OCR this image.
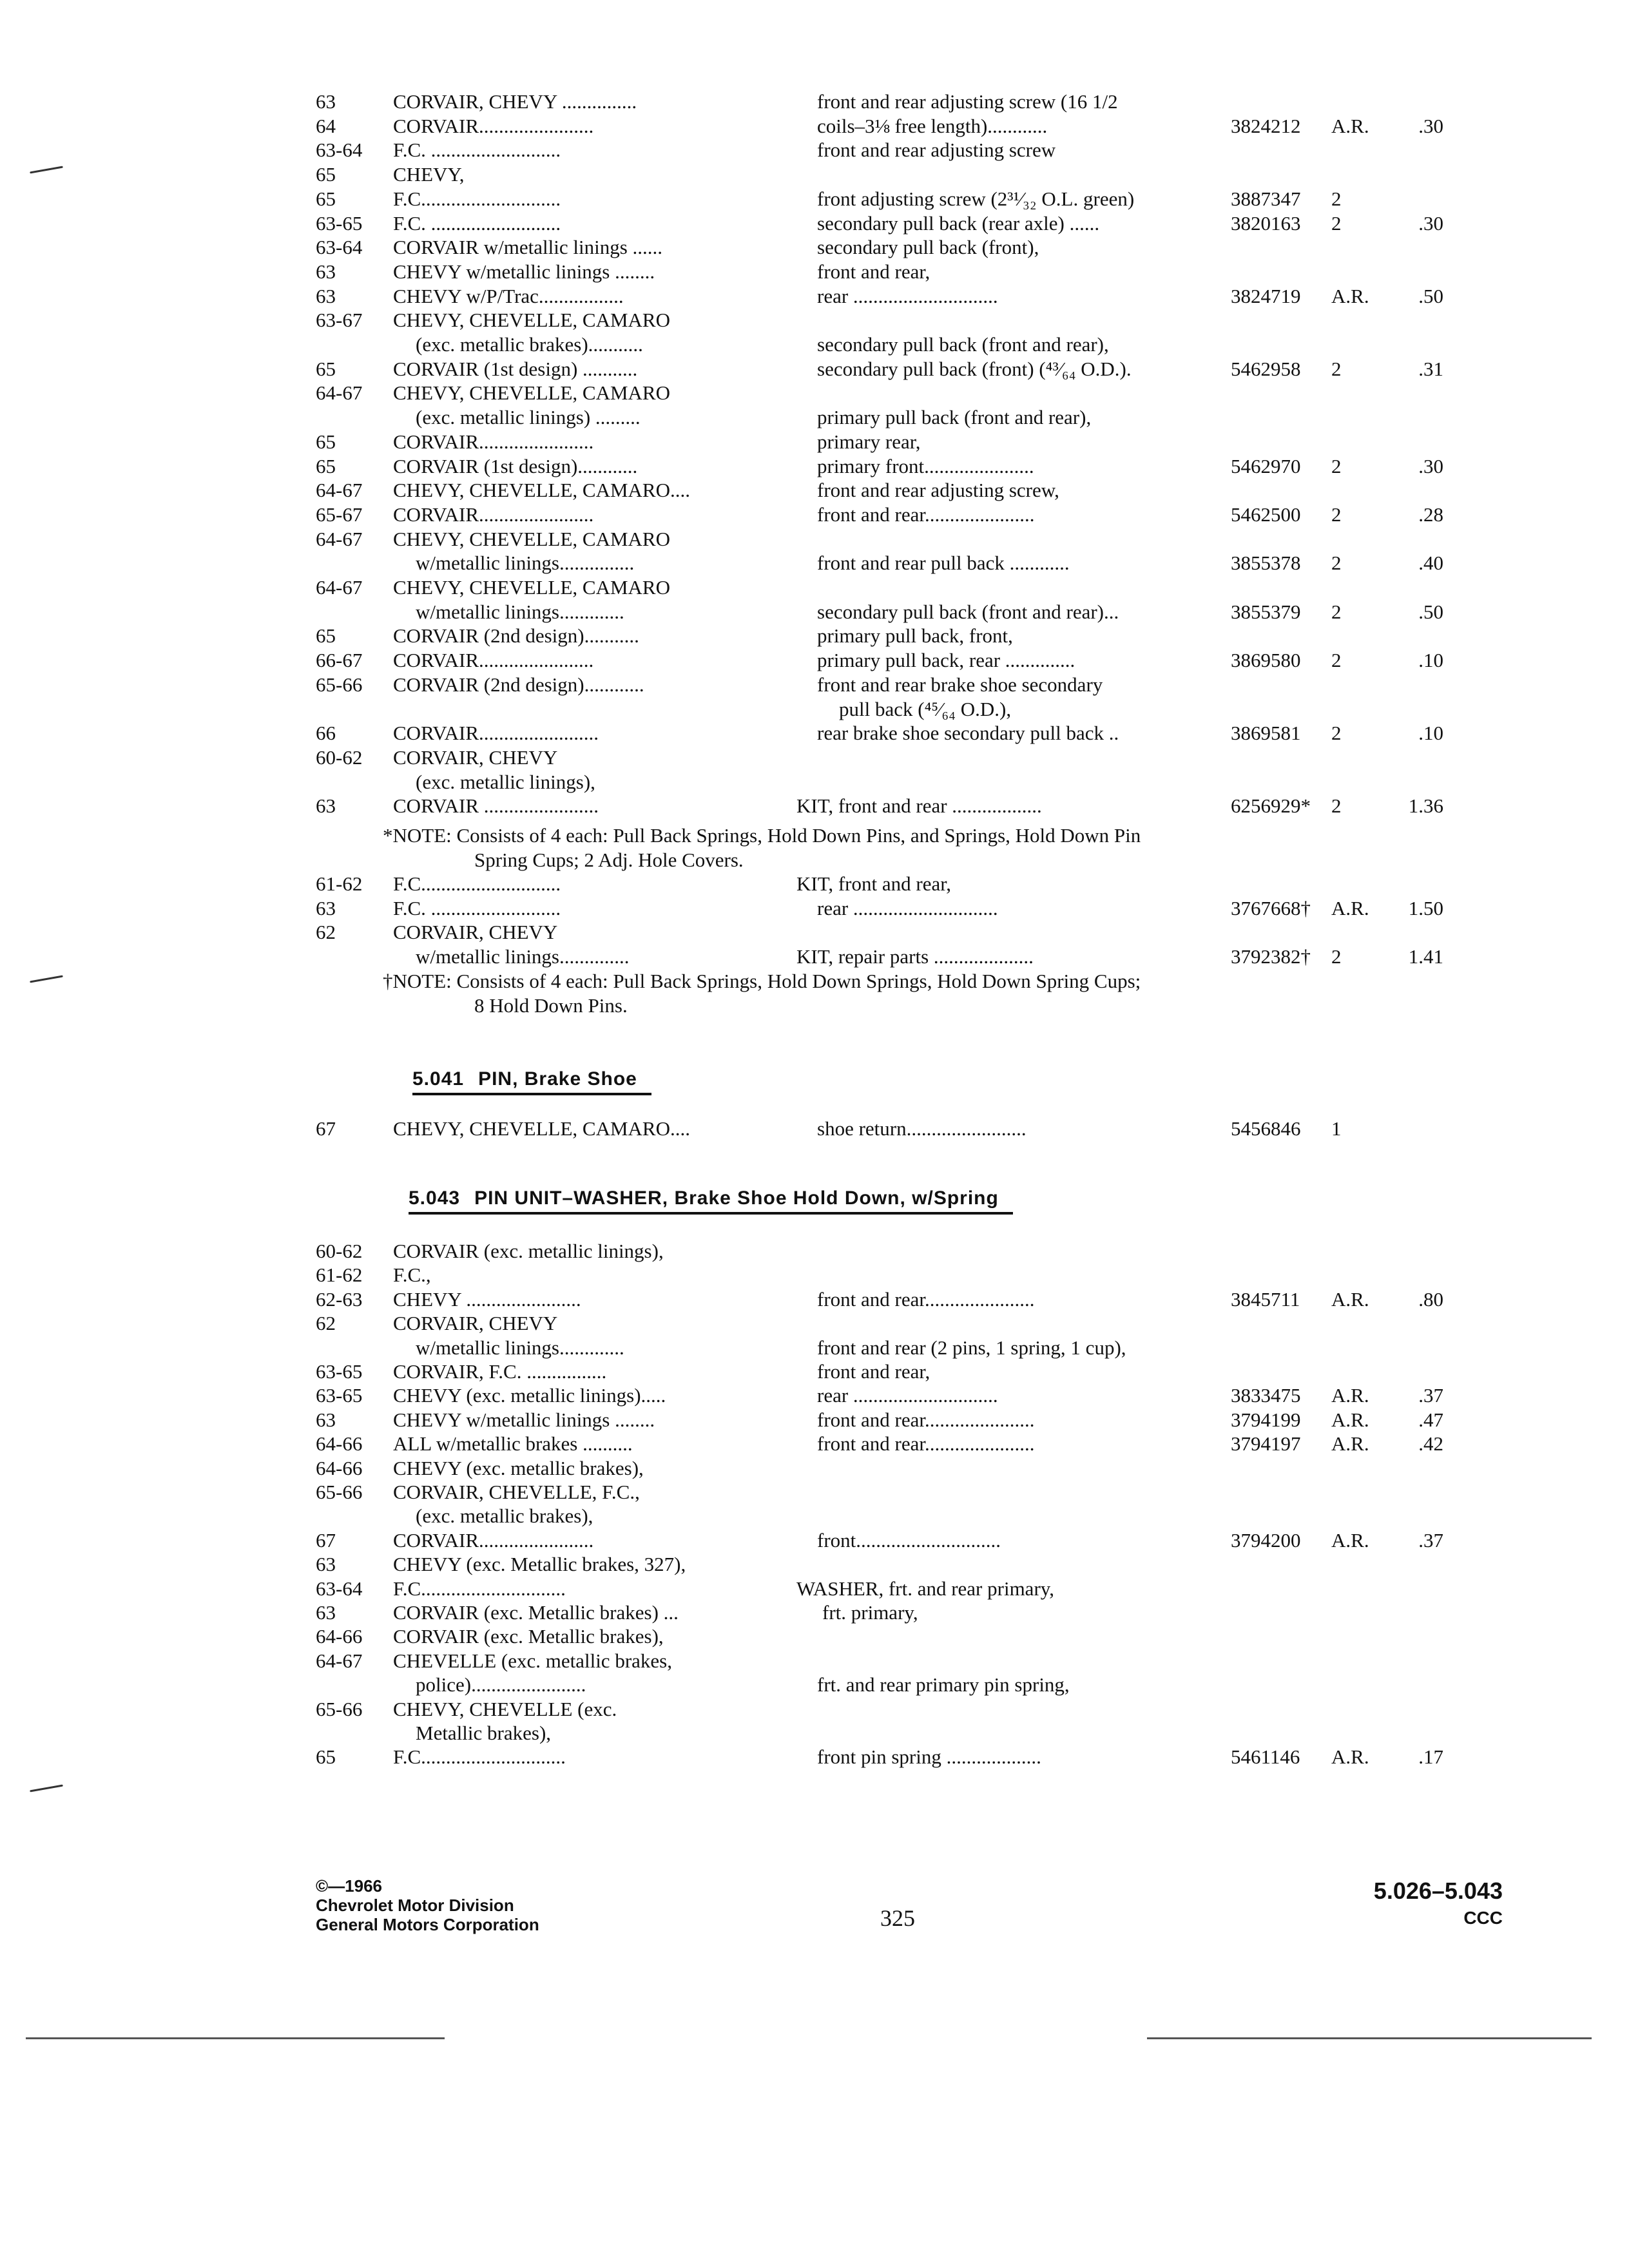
63	CORVAIR, CHEVY ...............	front and rear adjusting screw (16 1/2
64	CORVAIR.......................	coils–3⅛ free length)............	3824212 A.R. .30
63-64 F.C. ..........................	front and rear adjusting screw
65	CHEVY,
65	F.C............................	front adjusting screw (2³¹⁄₃₂ O.L. green)	3887347 2
63-65 F.C. ..........................	secondary pull back (rear axle) ......	3820163 2	.30
63-64 CORVAIR w/metallic linings ......	secondary pull back (front),
63	CHEVY w/metallic linings ........	front and rear,
63	CHEVY w/P/Trac.................	rear .............................	3824719 A.R. .50
63-67 CHEVY, CHEVELLE, CAMARO
(exc. metallic brakes)...........	secondary pull back (front and rear),
65	CORVAIR (1st design) ...........	secondary pull back (front) (⁴³⁄₆₄ O.D.).	5462958 2	.31
64-67 CHEVY, CHEVELLE, CAMARO
(exc. metallic linings) .........	primary pull back (front and rear),
65	CORVAIR.......................	primary rear,
65	CORVAIR (1st design)............	primary front......................	5462970 2	.30
64-67 CHEVY, CHEVELLE, CAMARO....	front and rear adjusting screw,
65-67 CORVAIR.......................	front and rear......................	5462500 2	.28
64-67 CHEVY, CHEVELLE, CAMARO
w/metallic linings...............	front and rear pull back ............	3855378 2	.40
64-67 CHEVY, CHEVELLE, CAMARO
w/metallic linings.............	secondary pull back (front and rear)...	3855379 2	.50
65	CORVAIR (2nd design)...........	primary pull back, front,
66-67 CORVAIR.......................	primary pull back, rear ..............	3869580 2	.10
65-66 CORVAIR (2nd design)............	front and rear brake shoe secondary
pull back (⁴⁵⁄₆₄ O.D.),
66	CORVAIR........................	rear brake shoe secondary pull back ..	3869581 2	.10
60-62 CORVAIR, CHEVY
(exc. metallic linings),
63	CORVAIR .......................	KIT, front and rear ..................	6256929* 2	1.36
*NOTE: Consists of 4 each: Pull Back Springs, Hold Down Pins, and Springs, Hold Down Pin
Spring Cups; 2 Adj. Hole Covers.
61-62 F.C............................	KIT, front and rear,
63	F.C. ..........................	rear .............................	3767668† A.R. 1.50
62	CORVAIR, CHEVY
w/metallic linings..............	KIT, repair parts ....................	3792382† 2	1.41
†NOTE: Consists of 4 each: Pull Back Springs, Hold Down Springs, Hold Down Spring Cups;
8 Hold Down Pins.
5.041 PIN, Brake Shoe
67	CHEVY, CHEVELLE, CAMARO....	shoe return........................	5456846 1
5.043 PIN UNIT–WASHER, Brake Shoe Hold Down, w/Spring
60-62 CORVAIR (exc. metallic linings),
61-62 F.C.,
62-63 CHEVY .......................	front and rear......................	3845711 A.R. .80
62	CORVAIR, CHEVY
w/metallic linings.............	front and rear (2 pins, 1 spring, 1 cup),
63-65 CORVAIR, F.C. ................	front and rear,
63-65 CHEVY (exc. metallic linings).....	rear .............................	3833475 A.R. .37
63	CHEVY w/metallic linings ........	front and rear......................	3794199 A.R. .47
64-66 ALL w/metallic brakes ..........	front and rear......................	3794197 A.R. .42
64-66 CHEVY (exc. metallic brakes),
65-66 CORVAIR, CHEVELLE, F.C.,
(exc. metallic brakes),
67	CORVAIR.......................	front.............................	3794200 A.R. .37
63	CHEVY (exc. Metallic brakes, 327),
63-64 F.C.............................	WASHER, frt. and rear primary,
63	CORVAIR (exc. Metallic brakes) ...	frt. primary,
64-66 CORVAIR (exc. Metallic brakes),
64-67 CHEVELLE (exc. metallic brakes,
police).......................	frt. and rear primary pin spring,
65-66 CHEVY, CHEVELLE (exc.
Metallic brakes),
65	F.C.............................	front pin spring ...................	5461146 A.R. .17
©—1966
Chevrolet Motor Division
General Motors Corporation	325
5.026–5.043
CCC
